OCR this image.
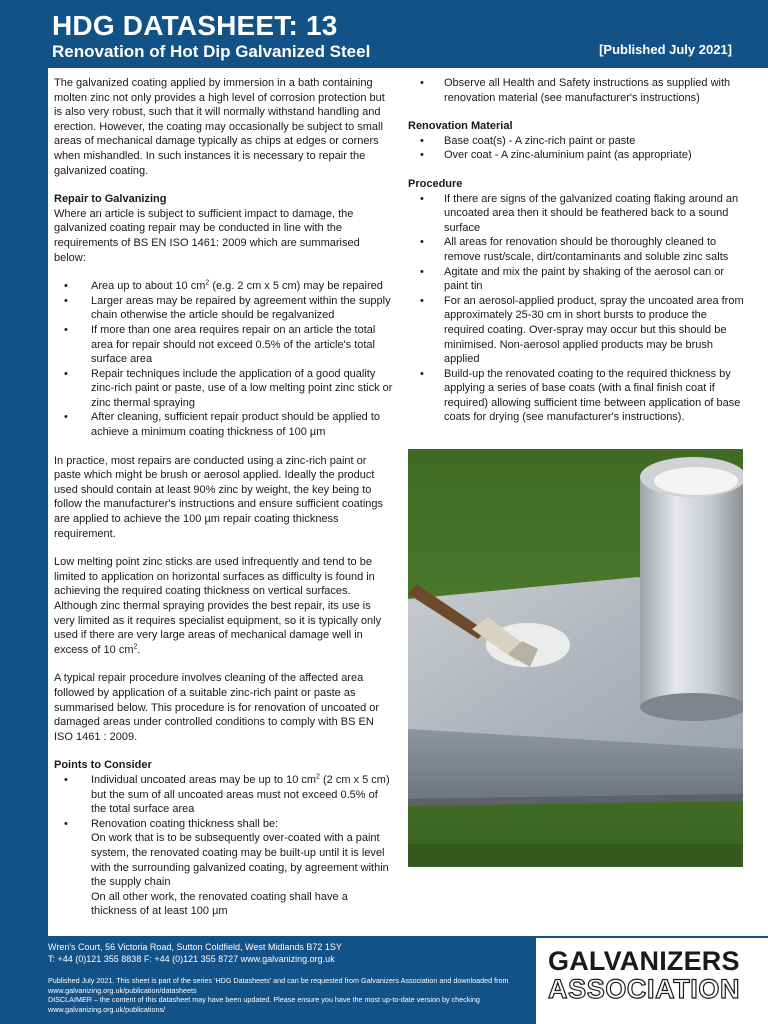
HDG DATASHEET: 13
Renovation of Hot Dip Galvanized Steel	[Published July 2021]

The galvanized coating applied by immersion in a bath containing molten zinc not only provides a high level of corrosion protection but is also very robust, such that it will normally withstand handling and erection. However, the coating may occasionally be subject to small areas of mechanical damage typically as chips at edges or corners when mishandled. In such instances it is necessary to repair the galvanized coating.

Repair to Galvanizing

Where an article is subject to sufficient impact to damage, the galvanized coating repair may be conducted in line with the requirements of BS EN ISO 1461: 2009 which are summarised below:

• Area up to about 10 $cm^2$ (e.g. 2 cm x 5 cm) may be repaired
• Larger areas may be repaired by agreement within the supply chain otherwise the article should be regalvanized
• If more than one area requires repair on an article the total area for repair should not exceed 0.5% of the article's total surface area
• Repair techniques include the application of a good quality zinc-rich paint or paste, use of a low melting point zinc stick or zinc thermal spraying
• After cleaning, sufficient repair product should be applied to achieve a minimum coating thickness of 100 µm

In practice, most repairs are conducted using a zinc-rich paint or paste which might be brush or aerosol applied. Ideally the product used should contain at least 90% zinc by weight, the key being to follow the manufacturer's instructions and ensure sufficient coatings are applied to achieve the 100 µm repair coating thickness requirement.

Low melting point zinc sticks are used infrequently and tend to be limited to application on horizontal surfaces as difficulty is found in achieving the required coating thickness on vertical surfaces. Although zinc thermal spraying provides the best repair, its use is very limited as it requires specialist equipment, so it is typically only used if there are very large areas of mechanical damage well in excess of 10 $cm^2$.

A typical repair procedure involves cleaning of the affected area followed by application of a suitable zinc-rich paint or paste as summarised below. This procedure is for renovation of uncoated or damaged areas under controlled conditions to comply with BS EN ISO 1461 : 2009.

Points to Consider
• Individual uncoated areas may be up to 10 $cm^2$ (2 cm x 5 cm) but the sum of all uncoated areas must not exceed 0.5% of the total surface area
• Renovation coating thickness shall be:
On work that is to be subsequently over-coated with a paint system, the renovated coating may be built-up until it is level with the surrounding galvanized coating, by agreement within the supply chain
On all other work, the renovated coating shall have a thickness of at least 100 µm
• Observe all Health and Safety instructions as supplied with renovation material (see manufacturer's instructions)
Renovation Material
• Base coat(s) - A zinc-rich paint or paste
• Over coat - A zinc-aluminium paint (as appropriate)
Procedure
• If there are signs of the galvanized coating flaking around an uncoated area then it should be feathered back to a sound surface
• All areas for renovation should be thoroughly cleaned to remove rust/scale, dirt/contaminants and soluble zinc salts
• Agitate and mix the paint by shaking of the aerosol can or paint tin
• For an aerosol-applied product, spray the uncoated area from approximately 25-30 cm in short bursts to produce the required coating. Over-spray may occur but this should be minimised. Non-aerosol applied products may be brush applied
• Build-up the renovated coating to the required thickness by applying a series of base coats (with a final finish coat if required) allowing sufficient time between application of base coats for drying (see manufacturer's instructions).
Wren's Court, 56 Victoria Road, Sutton Coldfield, West Midlands B72 1SY
T: +44 (0)121 355 8838 F: +44 (0)121 355 8727 www.galvanizing.org.uk
Published July 2021. This sheet is part of the series 'HDG Datasheets' and can be requested from Galvanizers Association and downloaded from www.galvanizing.org.uk/publication/datasheets
DISCLAIMER – the content of this datasheet may have been updated. Please ensure you have the most up-to-date version by checking www.galvanizing.org.uk/publications/
GALVANIZERS
ASSOCIATION
